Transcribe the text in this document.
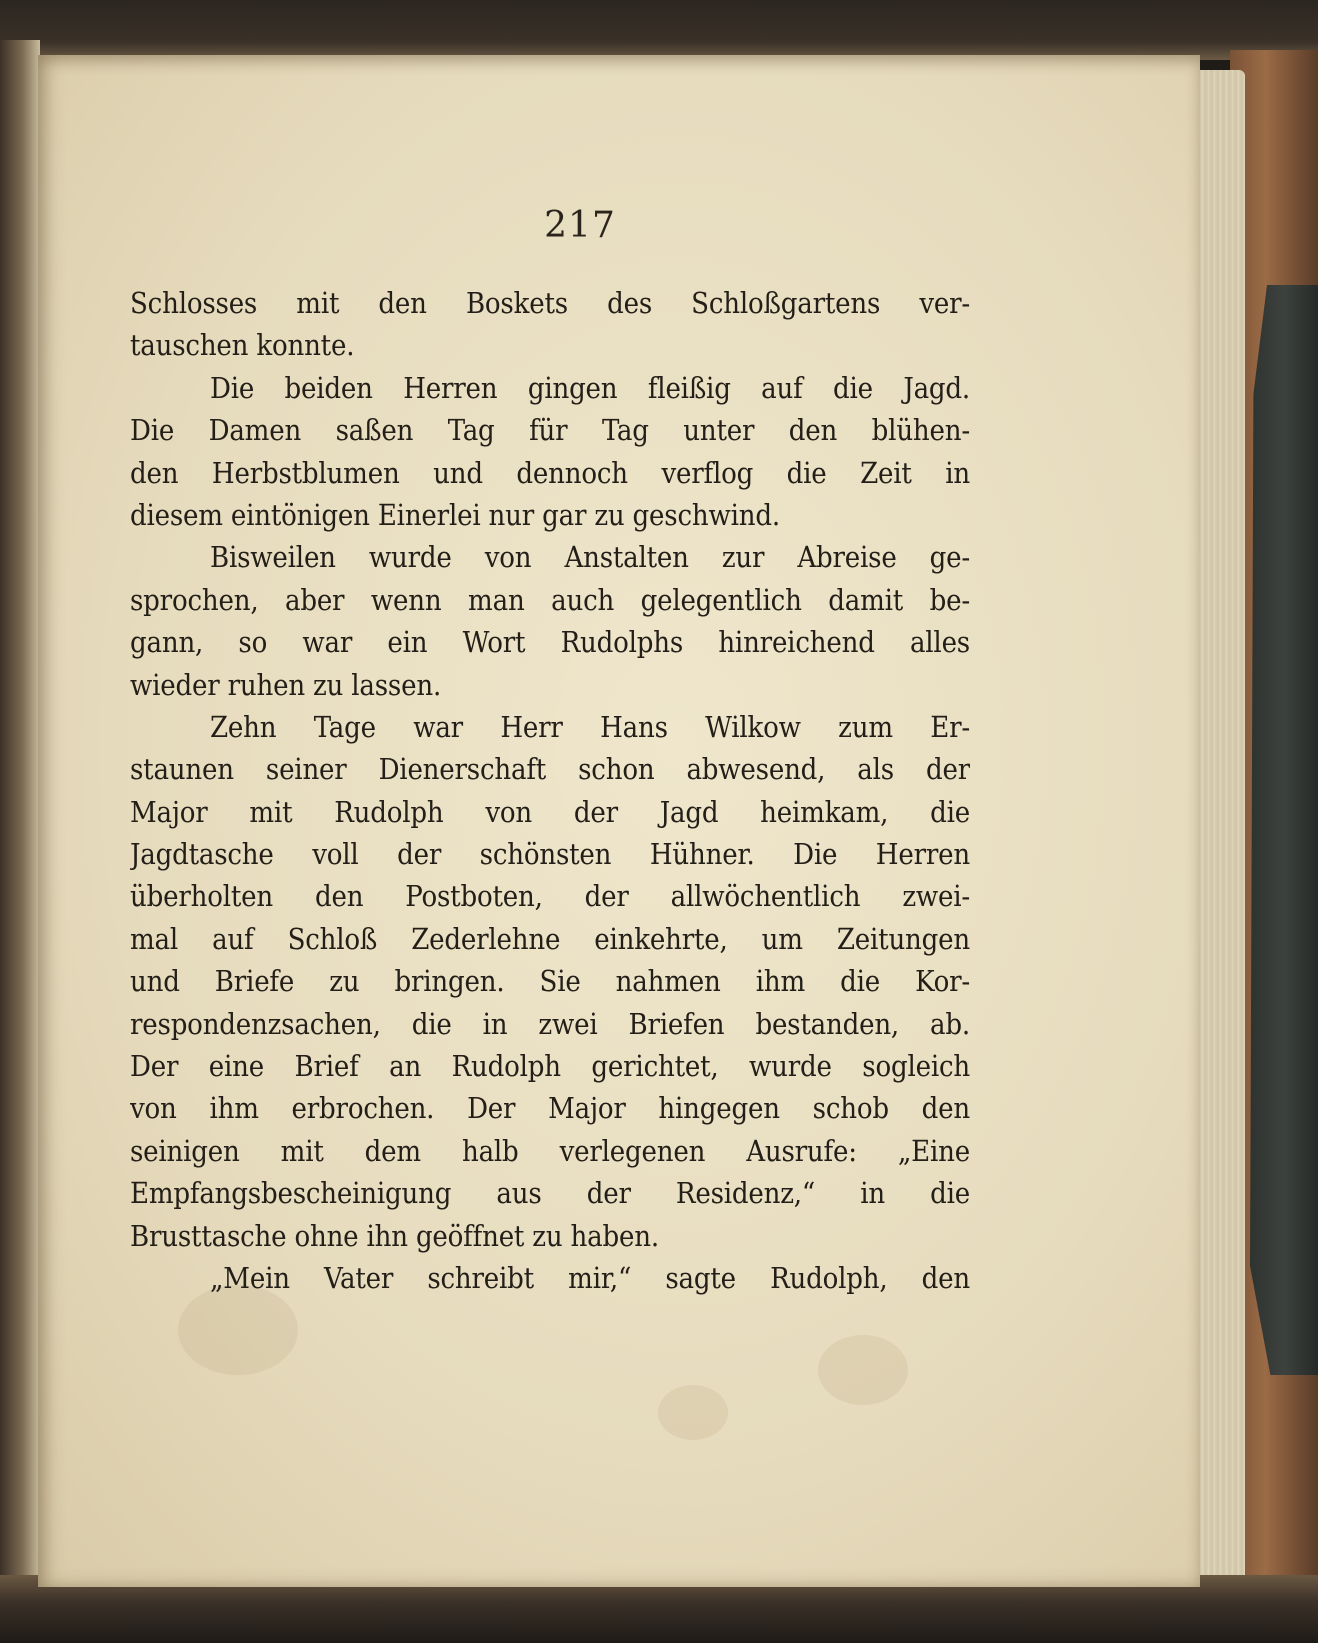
217
Schlosses mit den Boskets des Schloßgartens ver-
tauschen konnte.
Die beiden Herren gingen fleißig auf die Jagd.
Die Damen saßen Tag für Tag unter den blühen-
den Herbstblumen und dennoch verflog die Zeit in
diesem eintönigen Einerlei nur gar zu geschwind.
Bisweilen wurde von Anstalten zur Abreise ge-
sprochen, aber wenn man auch gelegentlich damit be-
gann, so war ein Wort Rudolphs hinreichend alles
wieder ruhen zu lassen.
Zehn Tage war Herr Hans Wilkow zum Er-
staunen seiner Dienerschaft schon abwesend, als der
Major mit Rudolph von der Jagd heimkam, die
Jagdtasche voll der schönsten Hühner. Die Herren
überholten den Postboten, der allwöchentlich zwei-
mal auf Schloß Zederlehne einkehrte, um Zeitungen
und Briefe zu bringen. Sie nahmen ihm die Kor-
respondenzsachen, die in zwei Briefen bestanden, ab.
Der eine Brief an Rudolph gerichtet, wurde sogleich
von ihm erbrochen. Der Major hingegen schob den
seinigen mit dem halb verlegenen Ausrufe: „Eine
Empfangsbescheinigung aus der Residenz,“ in die
Brusttasche ohne ihn geöffnet zu haben.
„Mein Vater schreibt mir,“ sagte Rudolph, den
